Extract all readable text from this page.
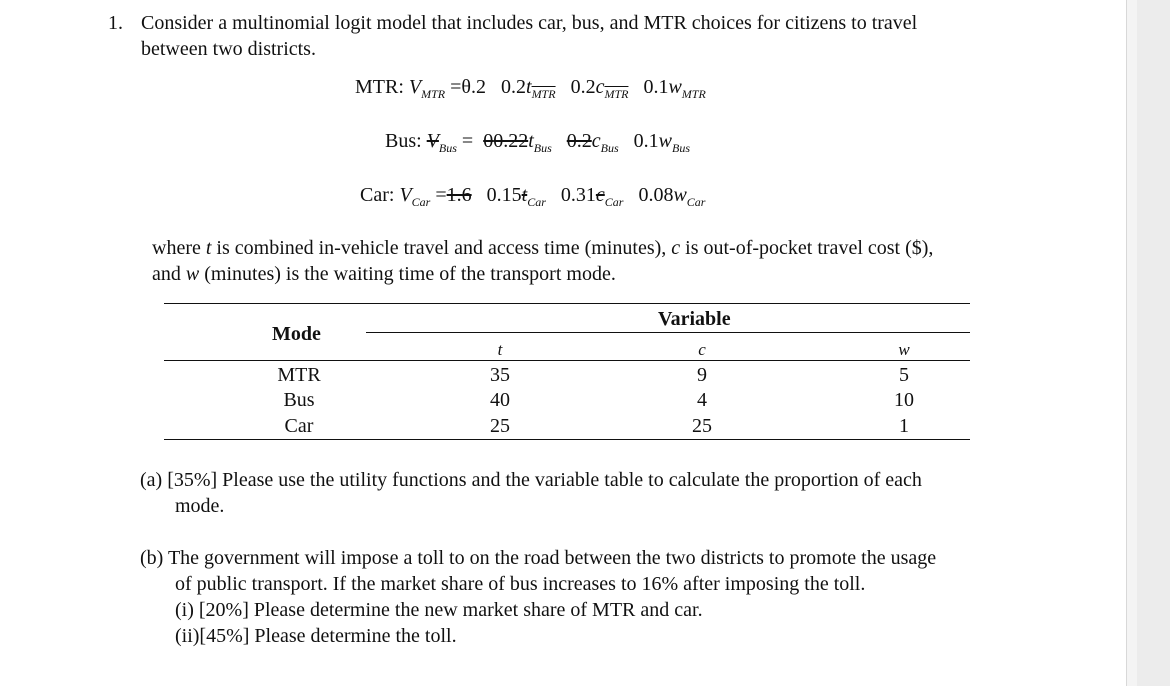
1. Consider a multinomial logit model that includes car, bus, and MTR choices for citizens to travel
between two districts.
MTR: $V_{MTR} =\theta.2$ $0.2t_{\overline{MTR}}$ $0.2c_{\overline{MTR}}$ $0.1w_{MTR}$
Bus: $V_{Bus} = 00.22t_{Bus}$ $0.2c_{Bus}$ $0.1w_{Bus}$
Car: $V_{Car} =1.6$ $0.15t_{Car}$ $0.31c_{Car}$ $0.08w_{Car}$
where t is combined in-vehicle travel and access time (minutes), c is out-of-pocket travel cost ($),
and w (minutes) is the waiting time of the transport mode.
Variable
Mode
t	c	w
MTR	35	9	5
Bus	40	4	10
Car	25	25	1
(a) [35%] Please use the utility functions and the variable table to calculate the proportion of each
mode.
(b) The government will impose a toll to on the road between the two districts to promote the usage
of public transport. If the market share of bus increases to 16% after imposing the toll.
(i) [20%] Please determine the new market share of MTR and car.
(ii)[45%] Please determine the toll.
